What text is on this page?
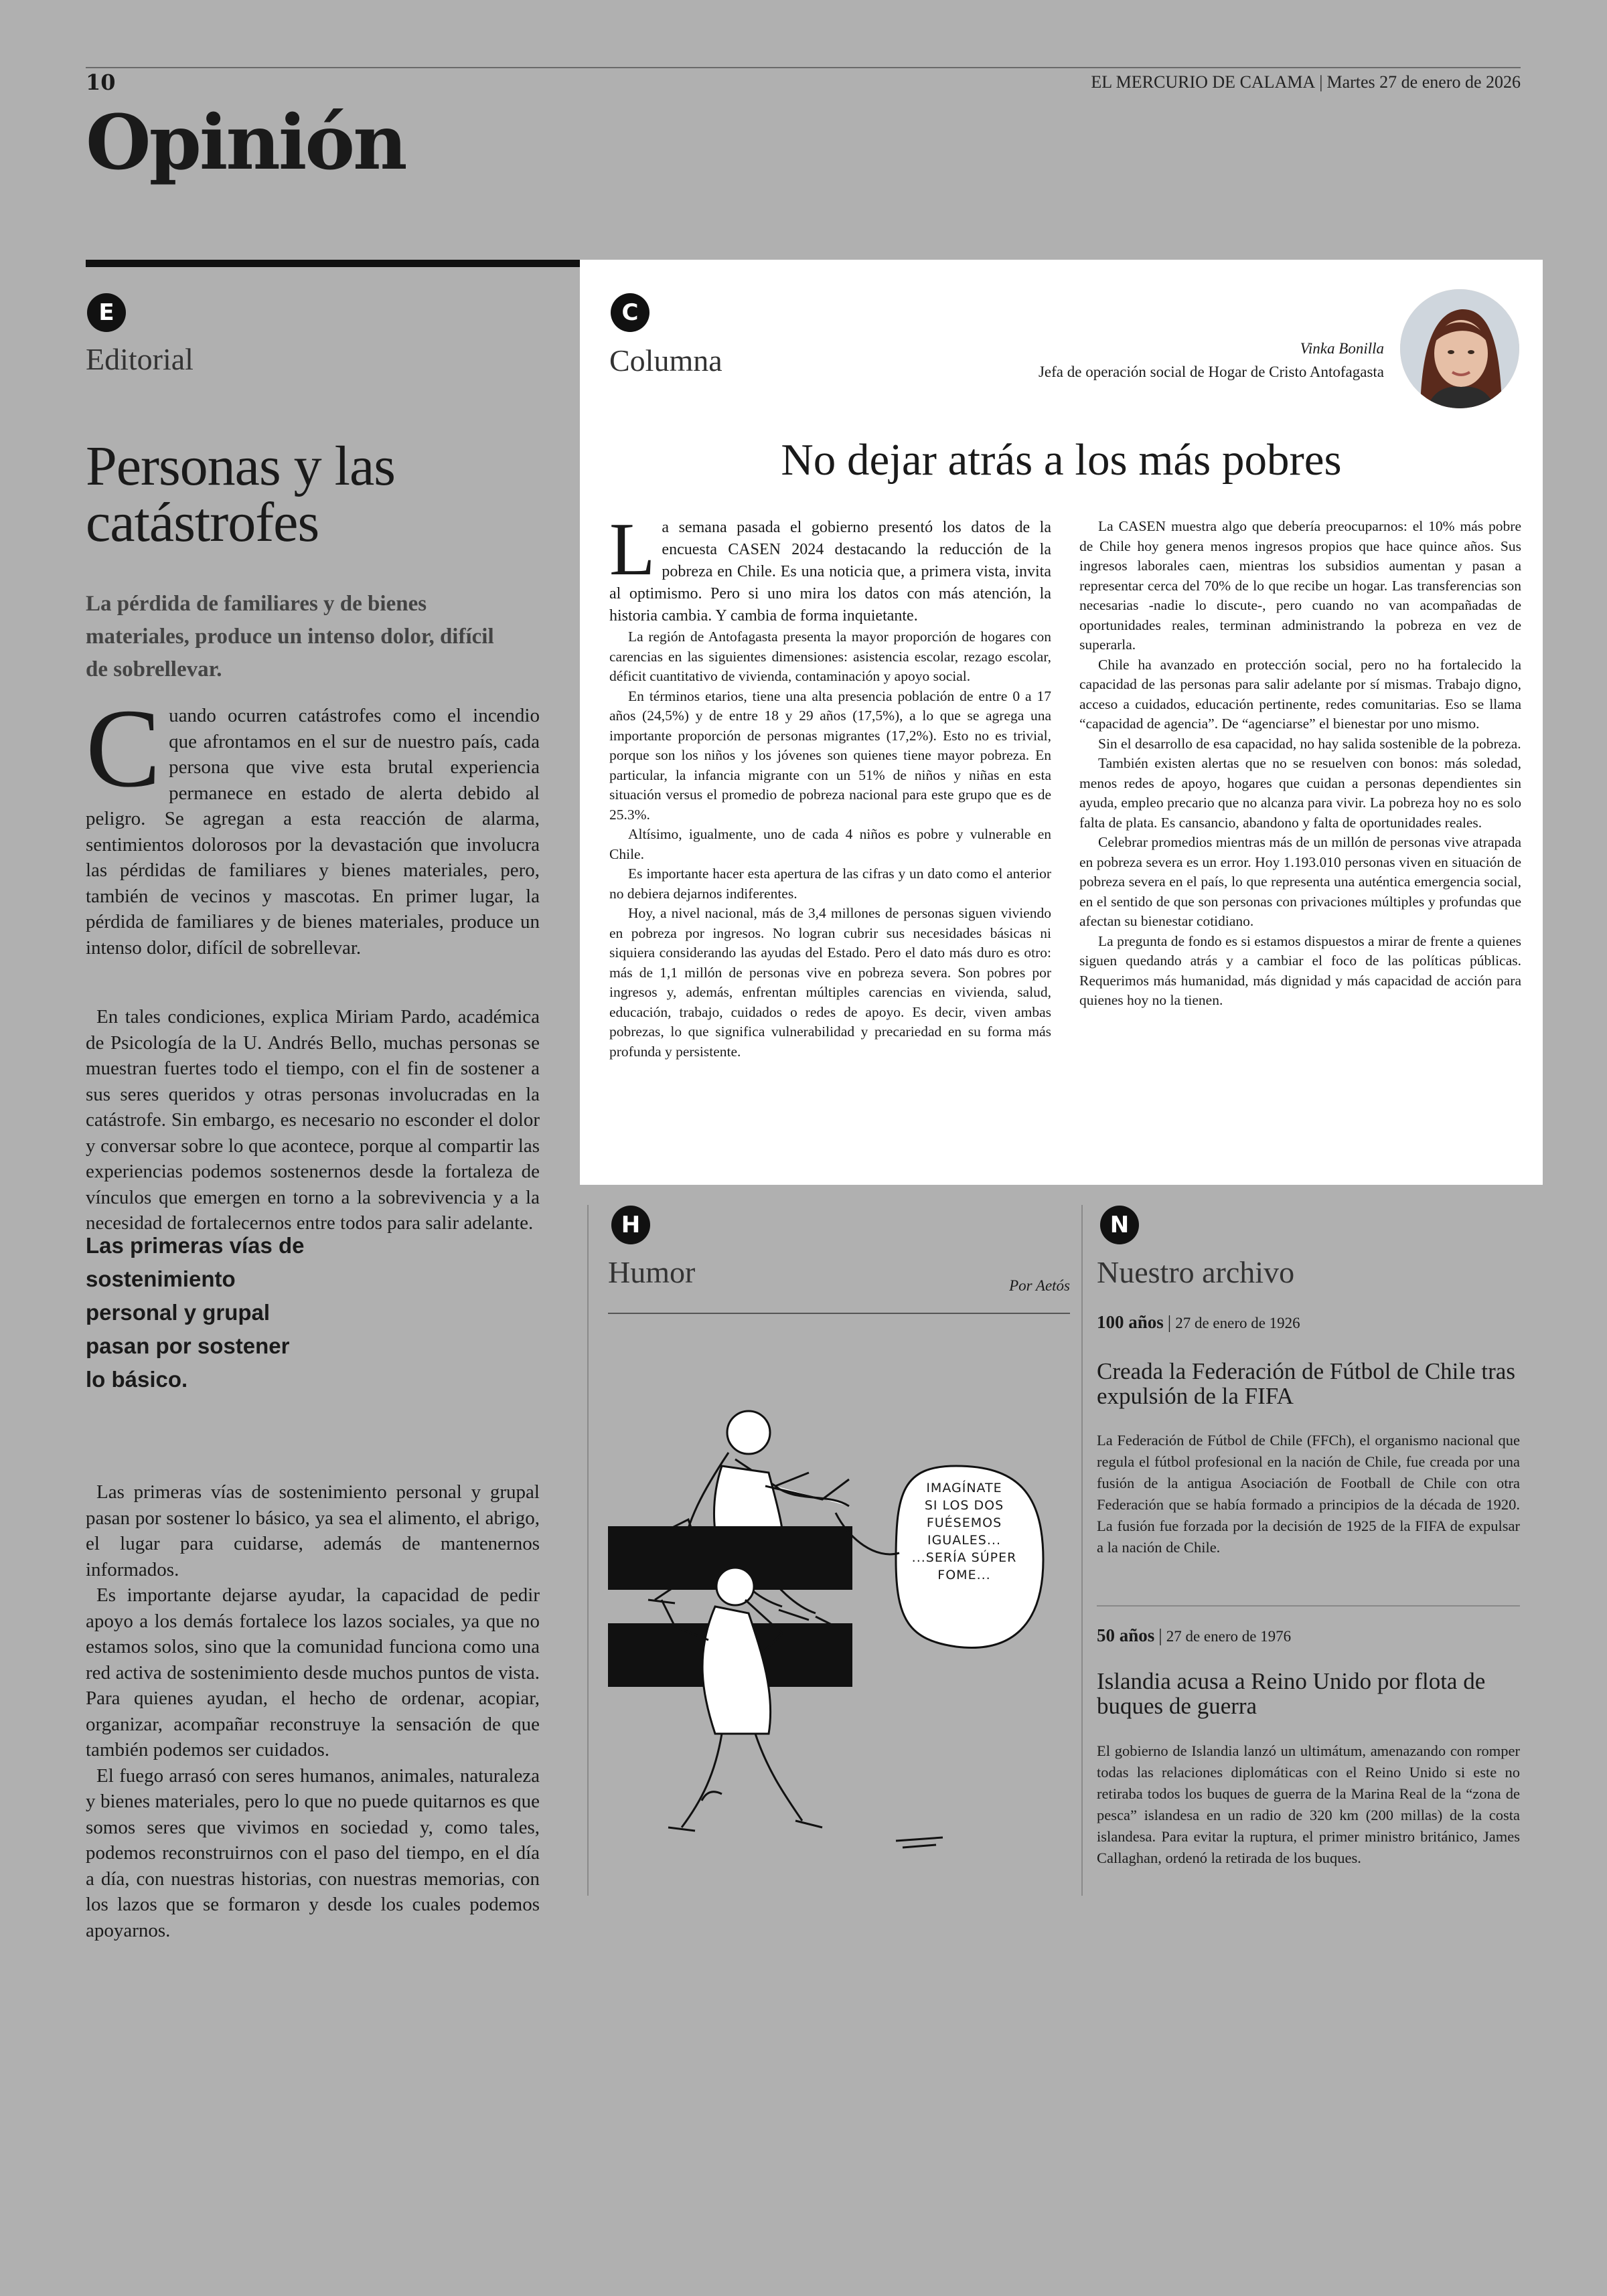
10	EL MERCURIO DE CALAMA | Martes 27 de enero de 2026
Opinión
E
Editorial
Personas y las catástrofes
La pérdida de familiares y de bienes materiales, produce un intenso dolor, difícil de sobrellevar.

Cuando ocurren catástrofes como el incendio que afrontamos en el sur de nuestro país, cada persona que vive esta brutal experiencia permanece en estado de alerta debido al peligro. Se agregan a esta reacción de alarma, sentimientos dolorosos por la devastación que involucra las pérdidas de familiares y bienes materiales, pero, también de vecinos y mascotas. En primer lugar, la pérdida de familiares y de bienes materiales, produce un intenso dolor, difícil de sobrellevar.

En tales condiciones, explica Miriam Pardo, académica de Psicología de la U. Andrés Bello, muchas personas se muestran fuertes todo el tiempo, con el fin de sostener a sus seres queridos y otras personas involucradas en la catástrofe. Sin embargo, es necesario no esconder el dolor y conversar sobre lo que acontece, porque al compartir las experiencias podemos sostenernos desde la fortaleza de vínculos que emergen en torno a la sobrevivencia y a la necesidad de fortalecernos entre todos para salir adelante.

Las primeras vías de sostenimiento personal y grupal pasan por sostener lo básico.

Las primeras vías de sostenimiento personal y grupal pasan por sostener lo básico, ya sea el alimento, el abrigo, el lugar para cuidarse, además de mantenernos informados.

Es importante dejarse ayudar, la capacidad de pedir apoyo a los demás fortalece los lazos sociales, ya que no estamos solos, sino que la comunidad funciona como una red activa de sostenimiento desde muchos puntos de vista. Para quienes ayudan, el hecho de ordenar, acopiar, organizar, acompañar reconstruye la sensación de que también podemos ser cuidados.

El fuego arrasó con seres humanos, animales, naturaleza y bienes materiales, pero lo que no puede quitarnos es que somos seres que vivimos en sociedad y, como tales, podemos reconstruirnos con el paso del tiempo, en el día a día, con nuestras historias, con nuestras memorias, con los lazos que se formaron y desde los cuales podemos apoyarnos.

C
Columna	Vinka Bonilla
Jefa de operación social de Hogar de Cristo Antofagasta
No dejar atrás a los más pobres

La semana pasada el gobierno presentó los datos de la encuesta CASEN 2024 destacando la reducción de la pobreza en Chile. Es una noticia que, a primera vista, invita al optimismo. Pero si uno mira los datos con más atención, la historia cambia. Y cambia de forma inquietante.

La región de Antofagasta presenta la mayor proporción de hogares con carencias en las siguientes dimensiones: asistencia escolar, rezago escolar, déficit cuantitativo de vivienda, contaminación y apoyo social.

En términos etarios, tiene una alta presencia población de entre 0 a 17 años (24,5%) y de entre 18 y 29 años (17,5%), a lo que se agrega una importante proporción de personas migrantes (17,2%). Esto no es trivial, porque son los niños y los jóvenes son quienes tiene mayor pobreza. En particular, la infancia migrante con un 51% de niños y niñas en esta situación versus el promedio de pobreza nacional para este grupo que es de 25.3%.

Altísimo, igualmente, uno de cada 4 niños es pobre y vulnerable en Chile.

Es importante hacer esta apertura de las cifras y un dato como el anterior no debiera dejarnos indiferentes.

Hoy, a nivel nacional, más de 3,4 millones de personas siguen viviendo en pobreza por ingresos. No logran cubrir sus necesidades básicas ni siquiera considerando las ayudas del Estado. Pero el dato más duro es otro: más de 1,1 millón de personas vive en pobreza severa. Son pobres por ingresos y, además, enfrentan múltiples carencias en vivienda, salud, educación, trabajo, cuidados o redes de apoyo. Es decir, viven ambas pobrezas, lo que significa vulnerabilidad y precariedad en su forma más profunda y persistente.

La CASEN muestra algo que debería preocuparnos: el 10% más pobre de Chile hoy genera menos ingresos propios que hace quince años. Sus ingresos laborales caen, mientras los subsidios aumentan y pasan a representar cerca del 70% de lo que recibe un hogar. Las transferencias son necesarias -nadie lo discute-, pero cuando no van acompañadas de oportunidades reales, terminan administrando la pobreza en vez de superarla.

Chile ha avanzado en protección social, pero no ha fortalecido la capacidad de las personas para salir adelante por sí mismas. Trabajo digno, acceso a cuidados, educación pertinente, redes comunitarias. Eso se llama “capacidad de agencia”. De “agenciarse” el bienestar por uno mismo.

Sin el desarrollo de esa capacidad, no hay salida sostenible de la pobreza.

También existen alertas que no se resuelven con bonos: más soledad, menos redes de apoyo, hogares que cuidan a personas dependientes sin ayuda, empleo precario que no alcanza para vivir. La pobreza hoy no es solo falta de plata. Es cansancio, abandono y falta de oportunidades reales.

Celebrar promedios mientras más de un millón de personas vive atrapada en pobreza severa es un error. Hoy 1.193.010 personas viven en situación de pobreza severa en el país, lo que representa una auténtica emergencia social, en el sentido de que son personas con privaciones múltiples y profundas que afectan su bienestar cotidiano.

La pregunta de fondo es si estamos dispuestos a mirar de frente a quienes siguen quedando atrás y a cambiar el foco de las políticas públicas. Requerimos más humanidad, más dignidad y más capacidad de acción para quienes hoy no la tienen.

H
Humor	Por Aetós
IMAGÍNATE
SI LOS DOS
FUÉSEMOS
IGUALES...
...SERÍA SÚPER
FOME...
N
Nuestro archivo
100 años | 27 de enero de 1926
Creada la Federación de Fútbol de Chile tras expulsión de la FIFA
La Federación de Fútbol de Chile (FFCh), el organismo nacional que regula el fútbol profesional en la nación de Chile, fue creada por una fusión de la antigua Asociación de Football de Chile con otra Federación que se había formado a principios de la década de 1920. La fusión fue forzada por la decisión de 1925 de la FIFA de expulsar a la nación de Chile.
50 años | 27 de enero de 1976
Islandia acusa a Reino Unido por flota de buques de guerra
El gobierno de Islandia lanzó un ultimátum, amenazando con romper todas las relaciones diplomáticas con el Reino Unido si este no retiraba todos los buques de guerra de la Marina Real de la “zona de pesca” islandesa en un radio de 320 km (200 millas) de la costa islandesa. Para evitar la ruptura, el primer ministro británico, James Callaghan, ordenó la retirada de los buques.
